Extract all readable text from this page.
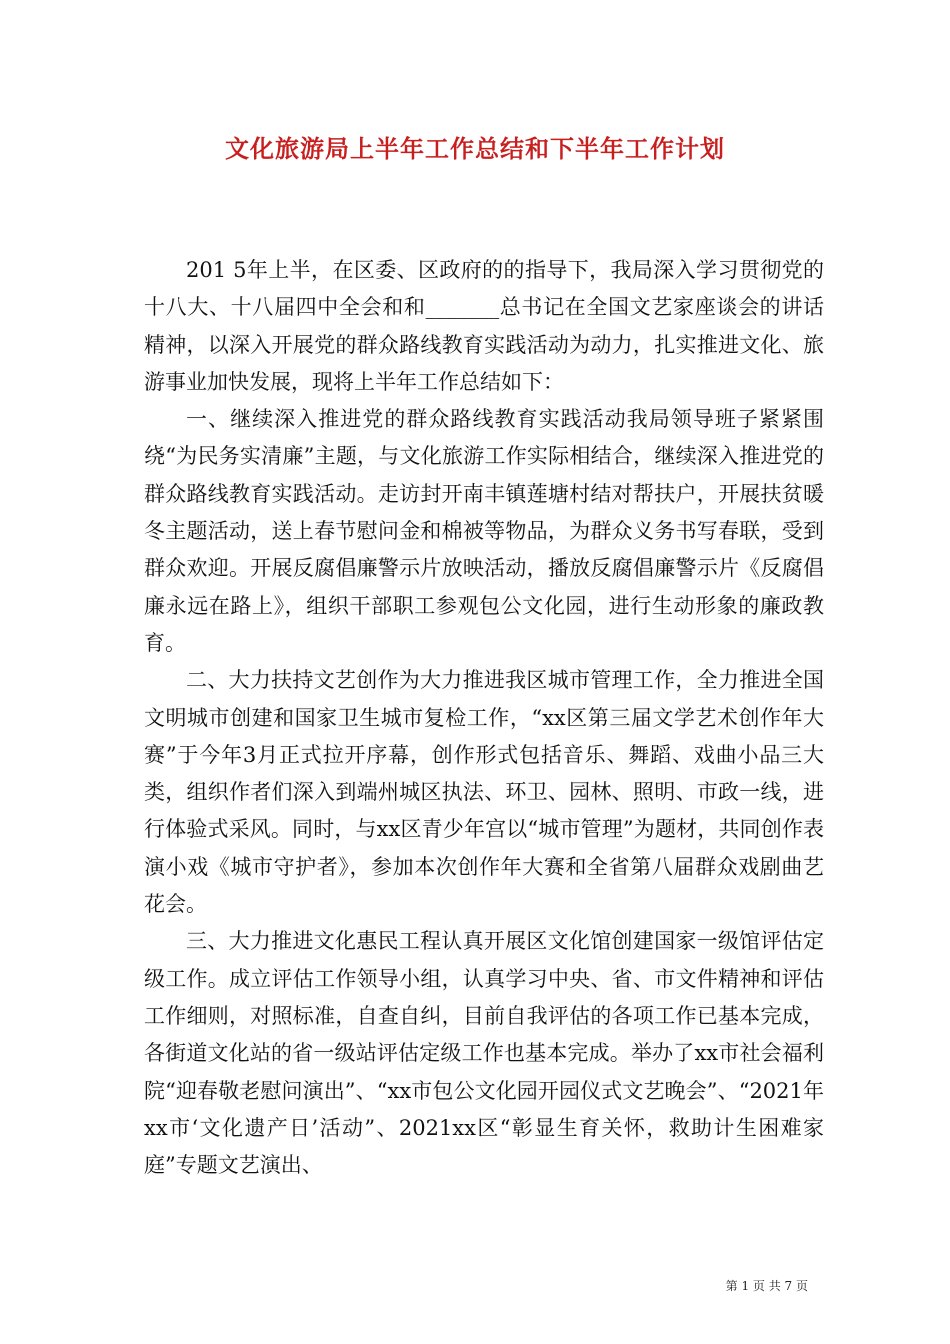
文化旅游局上半年工作总结和下半年工作计划

201 5年上半，在区委、区政府的的指导下，我局深入学习贯彻党的十八大、十八届四中全会和和_______总书记在全国文艺家座谈会的讲话精神，以深入开展党的群众路线教育实践活动为动力，扎实推进文化、旅游事业加快发展，现将上半年工作总结如下：

一、继续深入推进党的群众路线教育实践活动我局领导班子紧紧围绕“为民务实清廉”主题，与文化旅游工作实际相结合，继续深入推进党的群众路线教育实践活动。走访封开南丰镇莲塘村结对帮扶户，开展扶贫暖冬主题活动，送上春节慰问金和棉被等物品，为群众义务书写春联，受到群众欢迎。开展反腐倡廉警示片放映活动，播放反腐倡廉警示片《反腐倡廉永远在路上》，组织干部职工参观包公文化园，进行生动形象的廉政教育。

二、大力扶持文艺创作为大力推进我区城市管理工作，全力推进全国文明城市创建和国家卫生城市复检工作，“xx区第三届文学艺术创作年大赛”于今年3月正式拉开序幕，创作形式包括音乐、舞蹈、戏曲小品三大类，组织作者们深入到端州城区执法、环卫、园林、照明、市政一线，进行体验式采风。同时，与xx区青少年宫以“城市管理”为题材，共同创作表演小戏《城市守护者》，参加本次创作年大赛和全省第八届群众戏剧曲艺花会。

三、大力推进文化惠民工程认真开展区文化馆创建国家一级馆评估定级工作。成立评估工作领导小组，认真学习中央、省、市文件精神和评估工作细则，对照标准，自查自纠，目前自我评估的各项工作已基本完成，各街道文化站的省一级站评估定级工作也基本完成。举办了xx市社会福利院“迎春敬老慰问演出”、“xx市包公文化园开园仪式文艺晚会”、“2021年xx市‘文化遗产日’活动”、2021xx区“彰显生育关怀，救助计生困难家庭”专题文艺演出、

第 1 页 共 7 页
